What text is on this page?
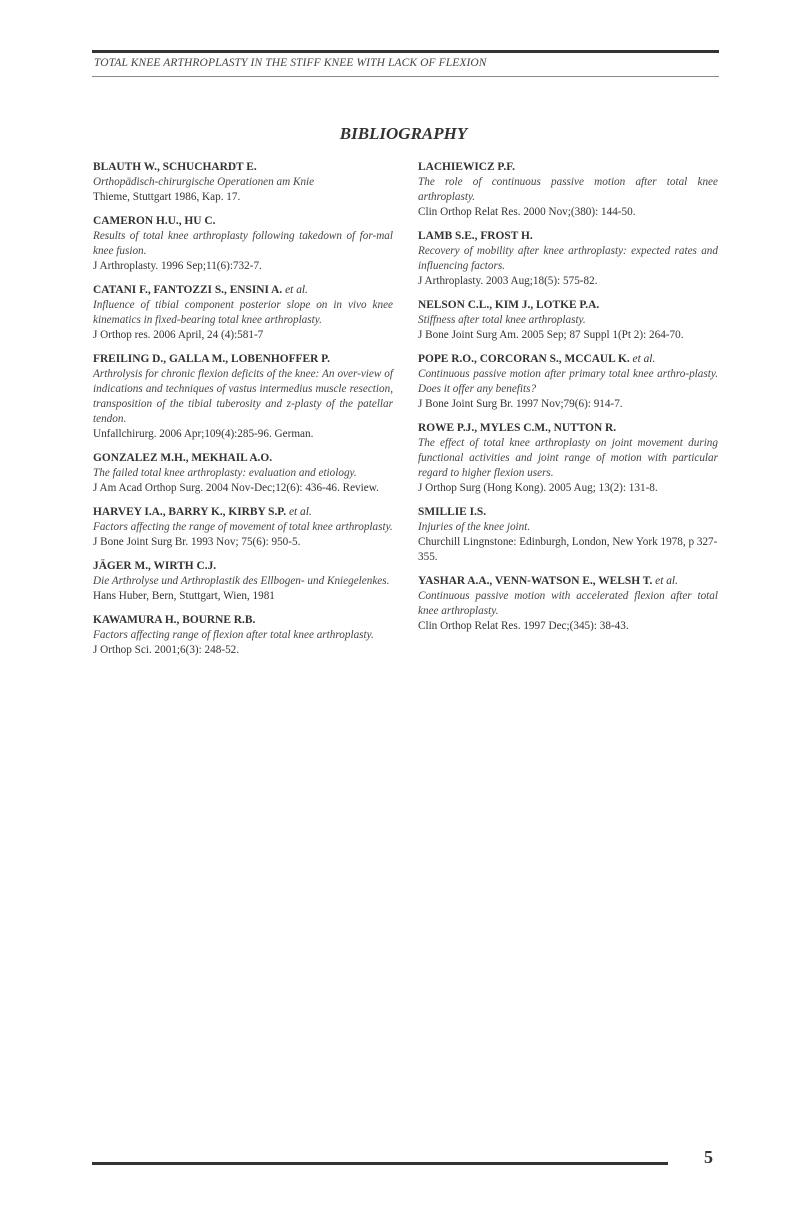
TOTAL KNEE ARTHROPLASTY IN THE STIFF KNEE WITH LACK OF FLEXION
BIBLIOGRAPHY
BLAUTH W., SCHUCHARDT E.
Orthopädisch-chirurgische Operationen am Knie
Thieme, Stuttgart 1986, Kap. 17.
CAMERON H.U., HU C.
Results of total knee arthroplasty following takedown of for-mal knee fusion.
J Arthroplasty. 1996 Sep;11(6):732-7.
CATANI F., FANTOZZI S., ENSINI A. et al.
Influence of tibial component posterior slope on in vivo knee kinematics in fixed-bearing total knee arthroplasty.
J Orthop res. 2006 April, 24 (4):581-7
FREILING D., GALLA M., LOBENHOFFER P.
Arthrolysis for chronic flexion deficits of the knee: An over-view of indications and techniques of vastus intermedius muscle resection, transposition of the tibial tuberosity and z-plasty of the patellar tendon.
Unfallchirurg. 2006 Apr;109(4):285-96. German.
GONZALEZ M.H., MEKHAIL A.O.
The failed total knee arthroplasty: evaluation and etiology.
J Am Acad Orthop Surg. 2004 Nov-Dec;12(6): 436-46. Review.
HARVEY I.A., BARRY K., KIRBY S.P. et al.
Factors affecting the range of movement of total knee arthroplasty.
J Bone Joint Surg Br. 1993 Nov; 75(6): 950-5.
JÄGER M., WIRTH C.J.
Die Arthrolyse und Arthroplastik des Ellbogen- und Kniegelenkes.
Hans Huber, Bern, Stuttgart, Wien, 1981
KAWAMURA H., BOURNE R.B.
Factors affecting range of flexion after total knee arthroplasty.
J Orthop Sci. 2001;6(3): 248-52.
LACHIEWICZ P.F.
The role of continuous passive motion after total knee arthroplasty.
Clin Orthop Relat Res. 2000 Nov;(380): 144-50.
LAMB S.E., FROST H.
Recovery of mobility after knee arthroplasty: expected rates and influencing factors.
J Arthroplasty. 2003 Aug;18(5): 575-82.
NELSON C.L., KIM J., LOTKE P.A.
Stiffness after total knee arthroplasty.
J Bone Joint Surg Am. 2005 Sep; 87 Suppl 1(Pt 2): 264-70.
POPE R.O., CORCORAN S., MCCAUL K. et al.
Continuous passive motion after primary total knee arthro-plasty. Does it offer any benefits?
J Bone Joint Surg Br. 1997 Nov;79(6): 914-7.
ROWE P.J., MYLES C.M., NUTTON R.
The effect of total knee arthroplasty on joint movement during functional activities and joint range of motion with particular regard to higher flexion users.
J Orthop Surg (Hong Kong). 2005 Aug; 13(2): 131-8.
SMILLIE I.S.
Injuries of the knee joint.
Churchill Lingnstone: Edinburgh, London, New York 1978, p 327-355.
YASHAR A.A., VENN-WATSON E., WELSH T. et al.
Continuous passive motion with accelerated flexion after total knee arthroplasty.
Clin Orthop Relat Res. 1997 Dec;(345): 38-43.
5
